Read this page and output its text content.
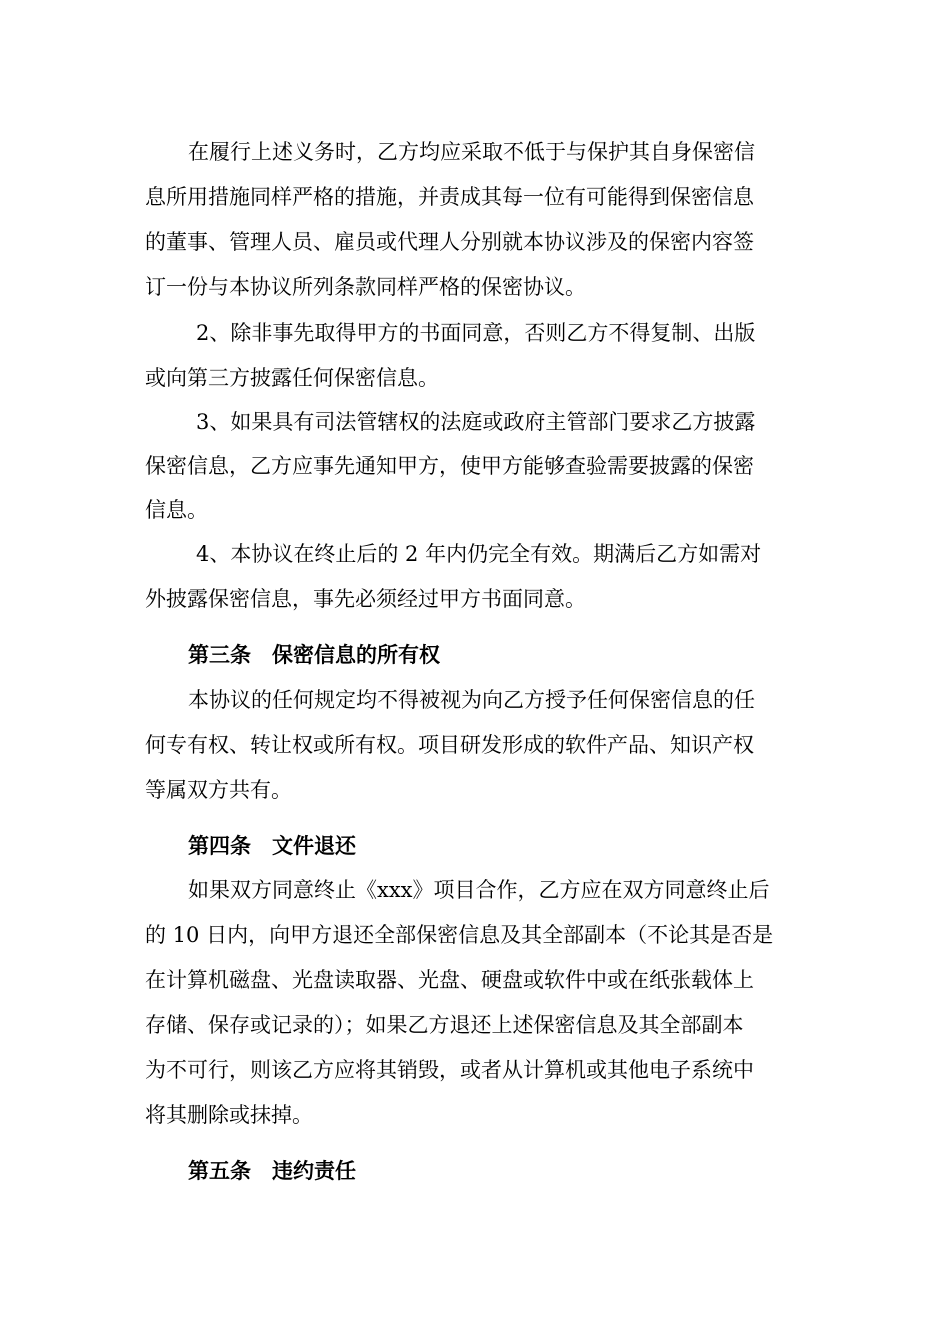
在履行上述义务时，乙方均应采取不低于与保护其自身保密信
息所用措施同样严格的措施，并责成其每一位有可能得到保密信息
的董事、管理人员、雇员或代理人分别就本协议涉及的保密内容签
订一份与本协议所列条款同样严格的保密协议。
2、除非事先取得甲方的书面同意，否则乙方不得复制、出版
或向第三方披露任何保密信息。
3、如果具有司法管辖权的法庭或政府主管部门要求乙方披露
保密信息，乙方应事先通知甲方，使甲方能够查验需要披露的保密
信息。
4、本协议在终止后的 2 年内仍完全有效。期满后乙方如需对
外披露保密信息，事先必须经过甲方书面同意。
第三条　保密信息的所有权
本协议的任何规定均不得被视为向乙方授予任何保密信息的任
何专有权、转让权或所有权。项目研发形成的软件产品、知识产权
等属双方共有。
第四条　文件退还
如果双方同意终止《xxx》项目合作，乙方应在双方同意终止后
的 10 日内，向甲方退还全部保密信息及其全部副本（不论其是否是
在计算机磁盘、光盘读取器、光盘、硬盘或软件中或在纸张载体上
存储、保存或记录的）；如果乙方退还上述保密信息及其全部副本
为不可行，则该乙方应将其销毁，或者从计算机或其他电子系统中
将其删除或抹掉。
第五条　违约责任
